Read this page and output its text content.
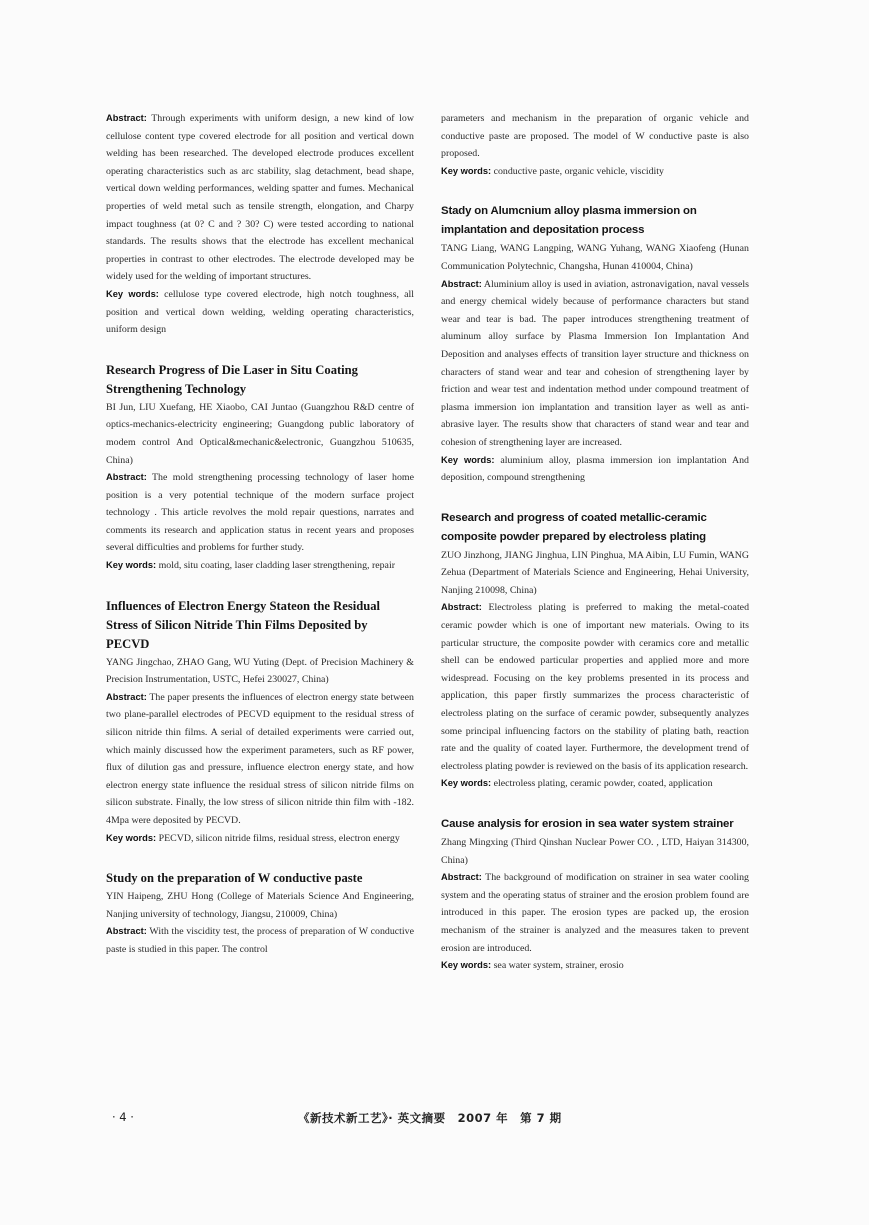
Abstract: Through experiments with uniform design, a new kind of low cellulose content type covered electrode for all position and vertical down welding has been researched. The developed electrode produces excellent operating characteristics such as arc stability, slag detachment, bead shape, vertical down welding performances, welding spatter and fumes. Mechanical properties of weld metal such as tensile strength, elongation, and Charpy impact toughness (at 0? C and ? 30? C) were tested according to national standards. The results shows that the electrode has excellent mechanical properties in contrast to other electrodes. The electrode developed may be widely used for the welding of important structures.

Key words: cellulose type covered electrode, high notch toughness, all position and vertical down welding, welding operating characteristics, uniform design

Research Progress of Die Laser in Situ Coating Strengthening Technology

BI Jun, LIU Xuefang, HE Xiaobo, CAI Juntao (Guangzhou R&D centre of optics-mechanics-electricity engineering; Guangdong public laboratory of modem control And Optical&mechanic&electronic, Guangzhou 510635, China)

Abstract: The mold strengthening processing technology of laser home position is a very potential technique of the modern surface project technology . This article revolves the mold repair questions, narrates and comments its research and application status in recent years and proposes several difficulties and problems for further study.

Key words: mold, situ coating, laser cladding laser strengthening, repair

Influences of Electron Energy Stateon the Residual Stress of Silicon Nitride Thin Films Deposited by PECVD

YANG Jingchao, ZHAO Gang, WU Yuting (Dept. of Precision Machinery & Precision Instrumentation, USTC, Hefei 230027, China)

Abstract: The paper presents the influences of electron energy state between two plane-parallel electrodes of PECVD equipment to the residual stress of silicon nitride thin films. A serial of detailed experiments were carried out, which mainly discussed how the experiment parameters, such as RF power, flux of dilution gas and pressure, influence electron energy state, and how electron energy state influence the residual stress of silicon nitride films on silicon substrate. Finally, the low stress of silicon nitride thin film with -182. 4Mpa were deposited by PECVD.

Key words: PECVD, silicon nitride films, residual stress, electron energy

Study on the preparation of W conductive paste

YIN Haipeng, ZHU Hong (College of Materials Science And Engineering, Nanjing university of technology, Jiangsu, 210009, China)

Abstract: With the viscidity test, the process of preparation of W conductive paste is studied in this paper. The control

parameters and mechanism in the preparation of organic vehicle and conductive paste are proposed. The model of W conductive paste is also proposed.

Key words: conductive paste, organic vehicle, viscidity

Stady on Alumcnium alloy plasma immersion on implantation and depositation process

TANG Liang, WANG Langping, WANG Yuhang, WANG Xiaofeng (Hunan Communication Polytechnic, Changsha, Hunan 410004, China)

Abstract: Aluminium alloy is used in aviation, astronavigation, naval vessels and energy chemical widely because of performance characters but stand wear and tear is bad. The paper introduces strengthening treatment of aluminum alloy surface by Plasma Immersion Ion Implantation And Deposition and analyses effects of transition layer structure and thickness on characters of stand wear and tear and cohesion of strengthening layer by friction and wear test and indentation method under compound treatment of plasma immersion ion implantation and transition layer as well as anti-abrasive layer. The results show that characters of stand wear and tear and cohesion of strengthening layer are increased.

Key words: aluminium alloy, plasma immersion ion implantation And deposition, compound strengthening

Research and progress of coated metallic-ceramic composite powder prepared by electroless plating

ZUO Jinzhong, JIANG Jinghua, LIN Pinghua, MA Aibin, LU Fumin, WANG Zehua (Department of Materials Science and Engineering, Hehai University, Nanjing 210098, China)

Abstract: Electroless plating is preferred to making the metal-coated ceramic powder which is one of important new materials. Owing to its particular structure, the composite powder with ceramics core and metallic shell can be endowed particular properties and applied more and more widespread. Focusing on the key problems presented in its process and application, this paper firstly summarizes the process characteristic of electroless plating on the surface of ceramic powder, subsequently analyzes some principal influencing factors on the stability of plating bath, reaction rate and the quality of coated layer. Furthermore, the development trend of electroless plating powder is reviewed on the basis of its application research.

Key words: electroless plating, ceramic powder, coated, application

Cause analysis for erosion in sea water system strainer

Zhang Mingxing (Third Qinshan Nuclear Power CO. , LTD, Haiyan 314300, China)

Abstract: The background of modification on strainer in sea water cooling system and the operating status of strainer and the erosion problem found are introduced in this paper. The erosion types are packed up, the erosion mechanism of the strainer is analyzed and the measures taken to prevent erosion are introduced.

Key words: sea water system, strainer, erosio

· 4 ·	《新技术新工艺》· 英文摘要　2007 年　第 7 期
